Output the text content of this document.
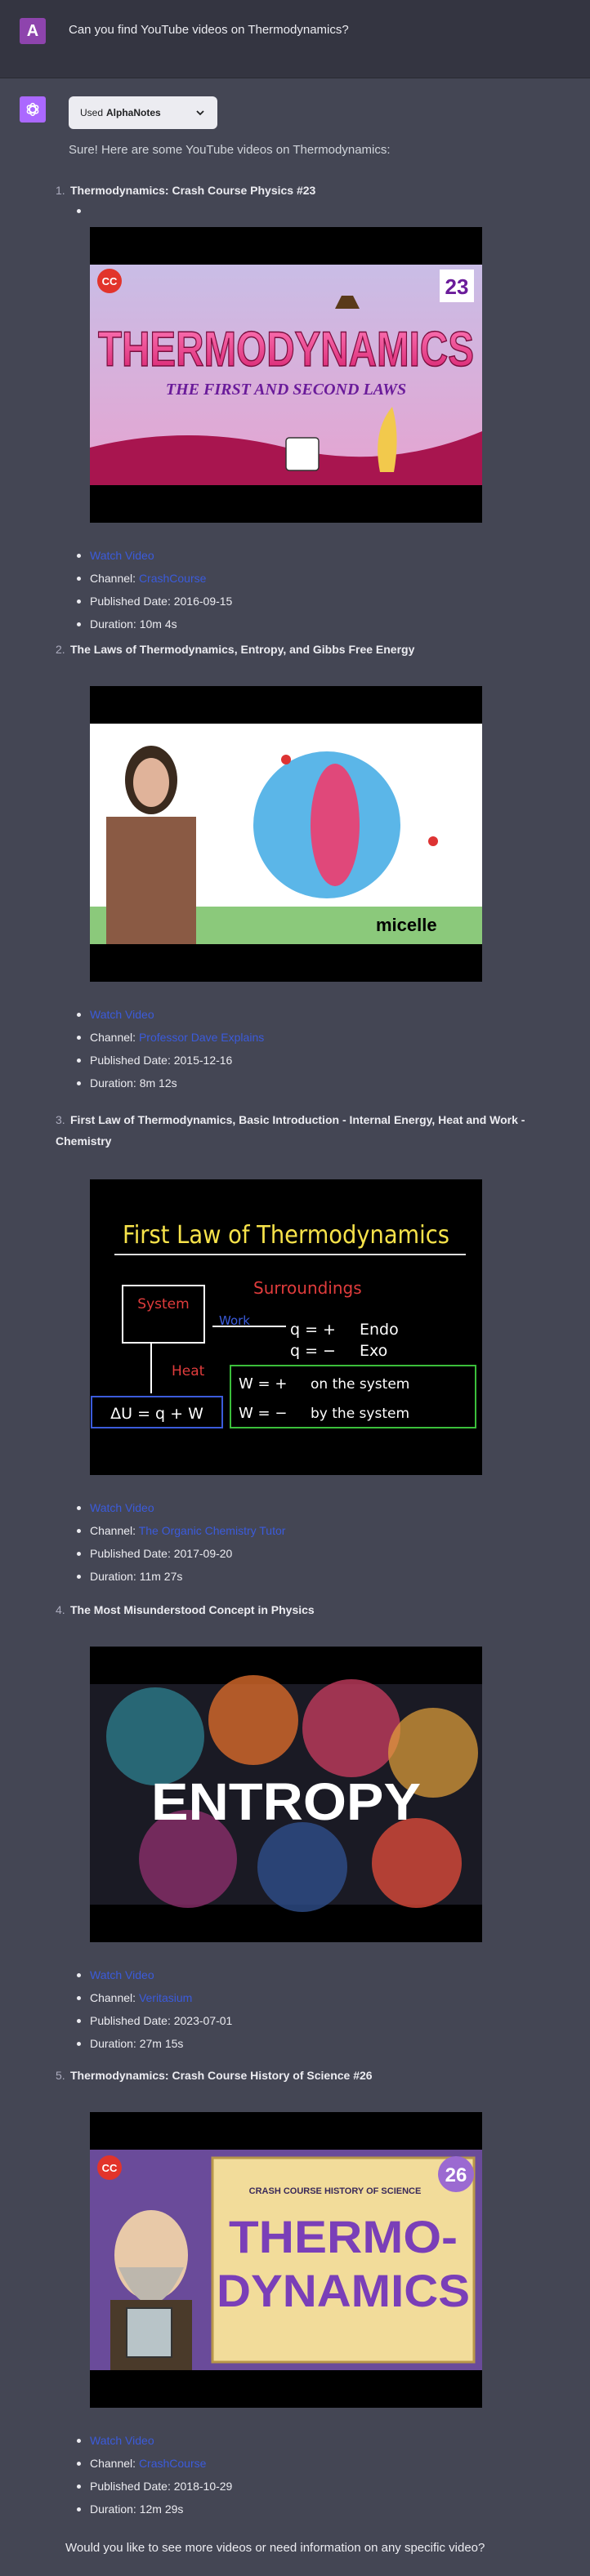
A	Can you find YouTube videos on Thermodynamics?
Used AlphaNotes
Sure! Here are some YouTube videos on Thermodynamics:
1. Thermodynamics: Crash Course Physics #23
CC	23
THERMODYNAMICS
THE FIRST AND SECOND LAWS
Watch Video
Channel: CrashCourse
Published Date: 2016-09-15
Duration: 10m 4s
2. The Laws of Thermodynamics, Entropy, and Gibbs Free Energy
micelle
Watch Video
Channel: Professor Dave Explains
Published Date: 2015-12-16
Duration: 8m 12s
3. First Law of Thermodynamics, Basic Introduction - Internal Energy, Heat and Work - Chemistry
First Law of Thermodynamics
Surroundings
System
Work	q = + Endo
q = − Exo
Heat
ΔU = q + W
W = + on the system
W = − by the system
Watch Video
Channel: The Organic Chemistry Tutor
Published Date: 2017-09-20
Duration: 11m 27s
4. The Most Misunderstood Concept in Physics
ENTROPY
Watch Video
Channel: Veritasium
Published Date: 2023-07-01
Duration: 27m 15s
5. Thermodynamics: Crash Course History of Science #26
CC	26
CRASH COURSE HISTORY OF SCIENCE
THERMO-
DYNAMICS
Watch Video
Channel: CrashCourse
Published Date: 2018-10-29
Duration: 12m 29s
Would you like to see more videos or need information on any specific video?
